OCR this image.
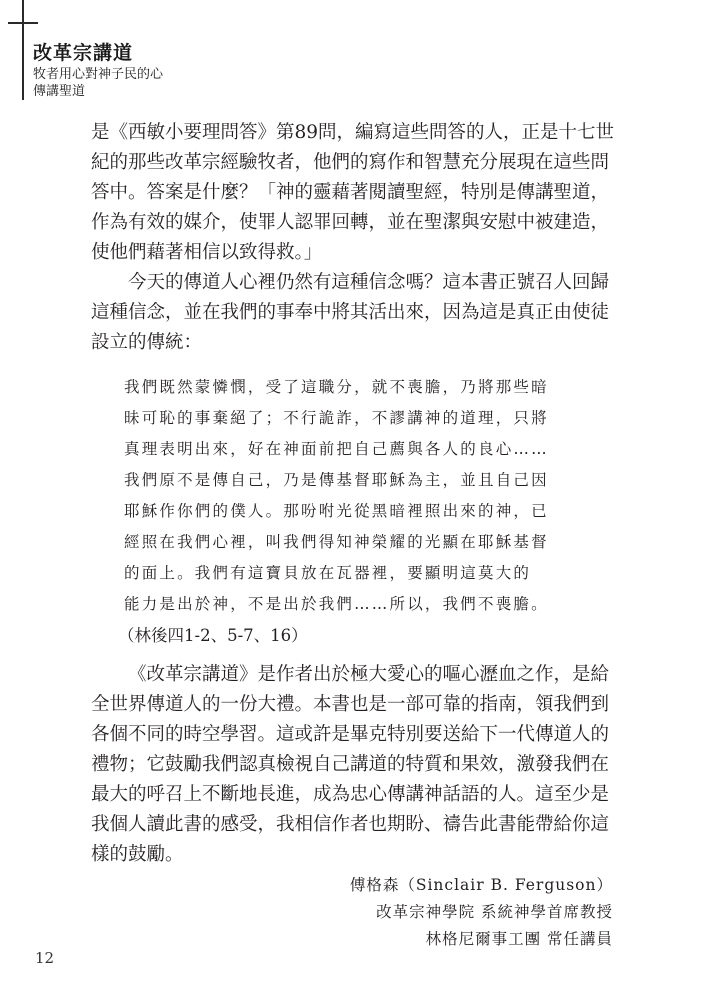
改革宗講道
牧者用心對神子民的心
傳講聖道

是《西敏小要理問答》第89問，編寫這些問答的人，正是十七世

紀的那些改革宗經驗牧者，他們的寫作和智慧充分展現在這些問

答中。答案是什麼？「神的靈藉著閱讀聖經，特別是傳講聖道，

作為有效的媒介，使罪人認罪回轉，並在聖潔與安慰中被建造，

使他們藉著相信以致得救。」

今天的傳道人心裡仍然有這種信念嗎？這本書正號召人回歸

這種信念，並在我們的事奉中將其活出來，因為這是真正由使徒

設立的傳統：

我們既然蒙憐憫，受了這職分，就不喪膽，乃將那些暗
昧可恥的事棄絕了；不行詭詐，不謬講神的道理，只將
真理表明出來，好在神面前把自己薦與各人的良心……
我們原不是傳自己，乃是傳基督耶穌為主，並且自己因
耶穌作你們的僕人。那吩咐光從黑暗裡照出來的神，已
經照在我們心裡，叫我們得知神榮耀的光顯在耶穌基督
的面上。我們有這寶貝放在瓦器裡，要顯明這莫大的
能力是出於神，不是出於我們……所以，我們不喪膽。
（林後四1-2、5-7、16）

《改革宗講道》是作者出於極大愛心的嘔心瀝血之作，是給

全世界傳道人的一份大禮。本書也是一部可靠的指南，領我們到

各個不同的時空學習。這或許是畢克特別要送給下一代傳道人的

禮物；它鼓勵我們認真檢視自己講道的特質和果效，激發我們在

最大的呼召上不斷地長進，成為忠心傳講神話語的人。這至少是

我個人讀此書的感受，我相信作者也期盼、禱告此書能帶給你這

樣的鼓勵。

傅格森（Sinclair B. Ferguson）
改革宗神學院 系統神學首席教授
林格尼爾事工團 常任講員
12
